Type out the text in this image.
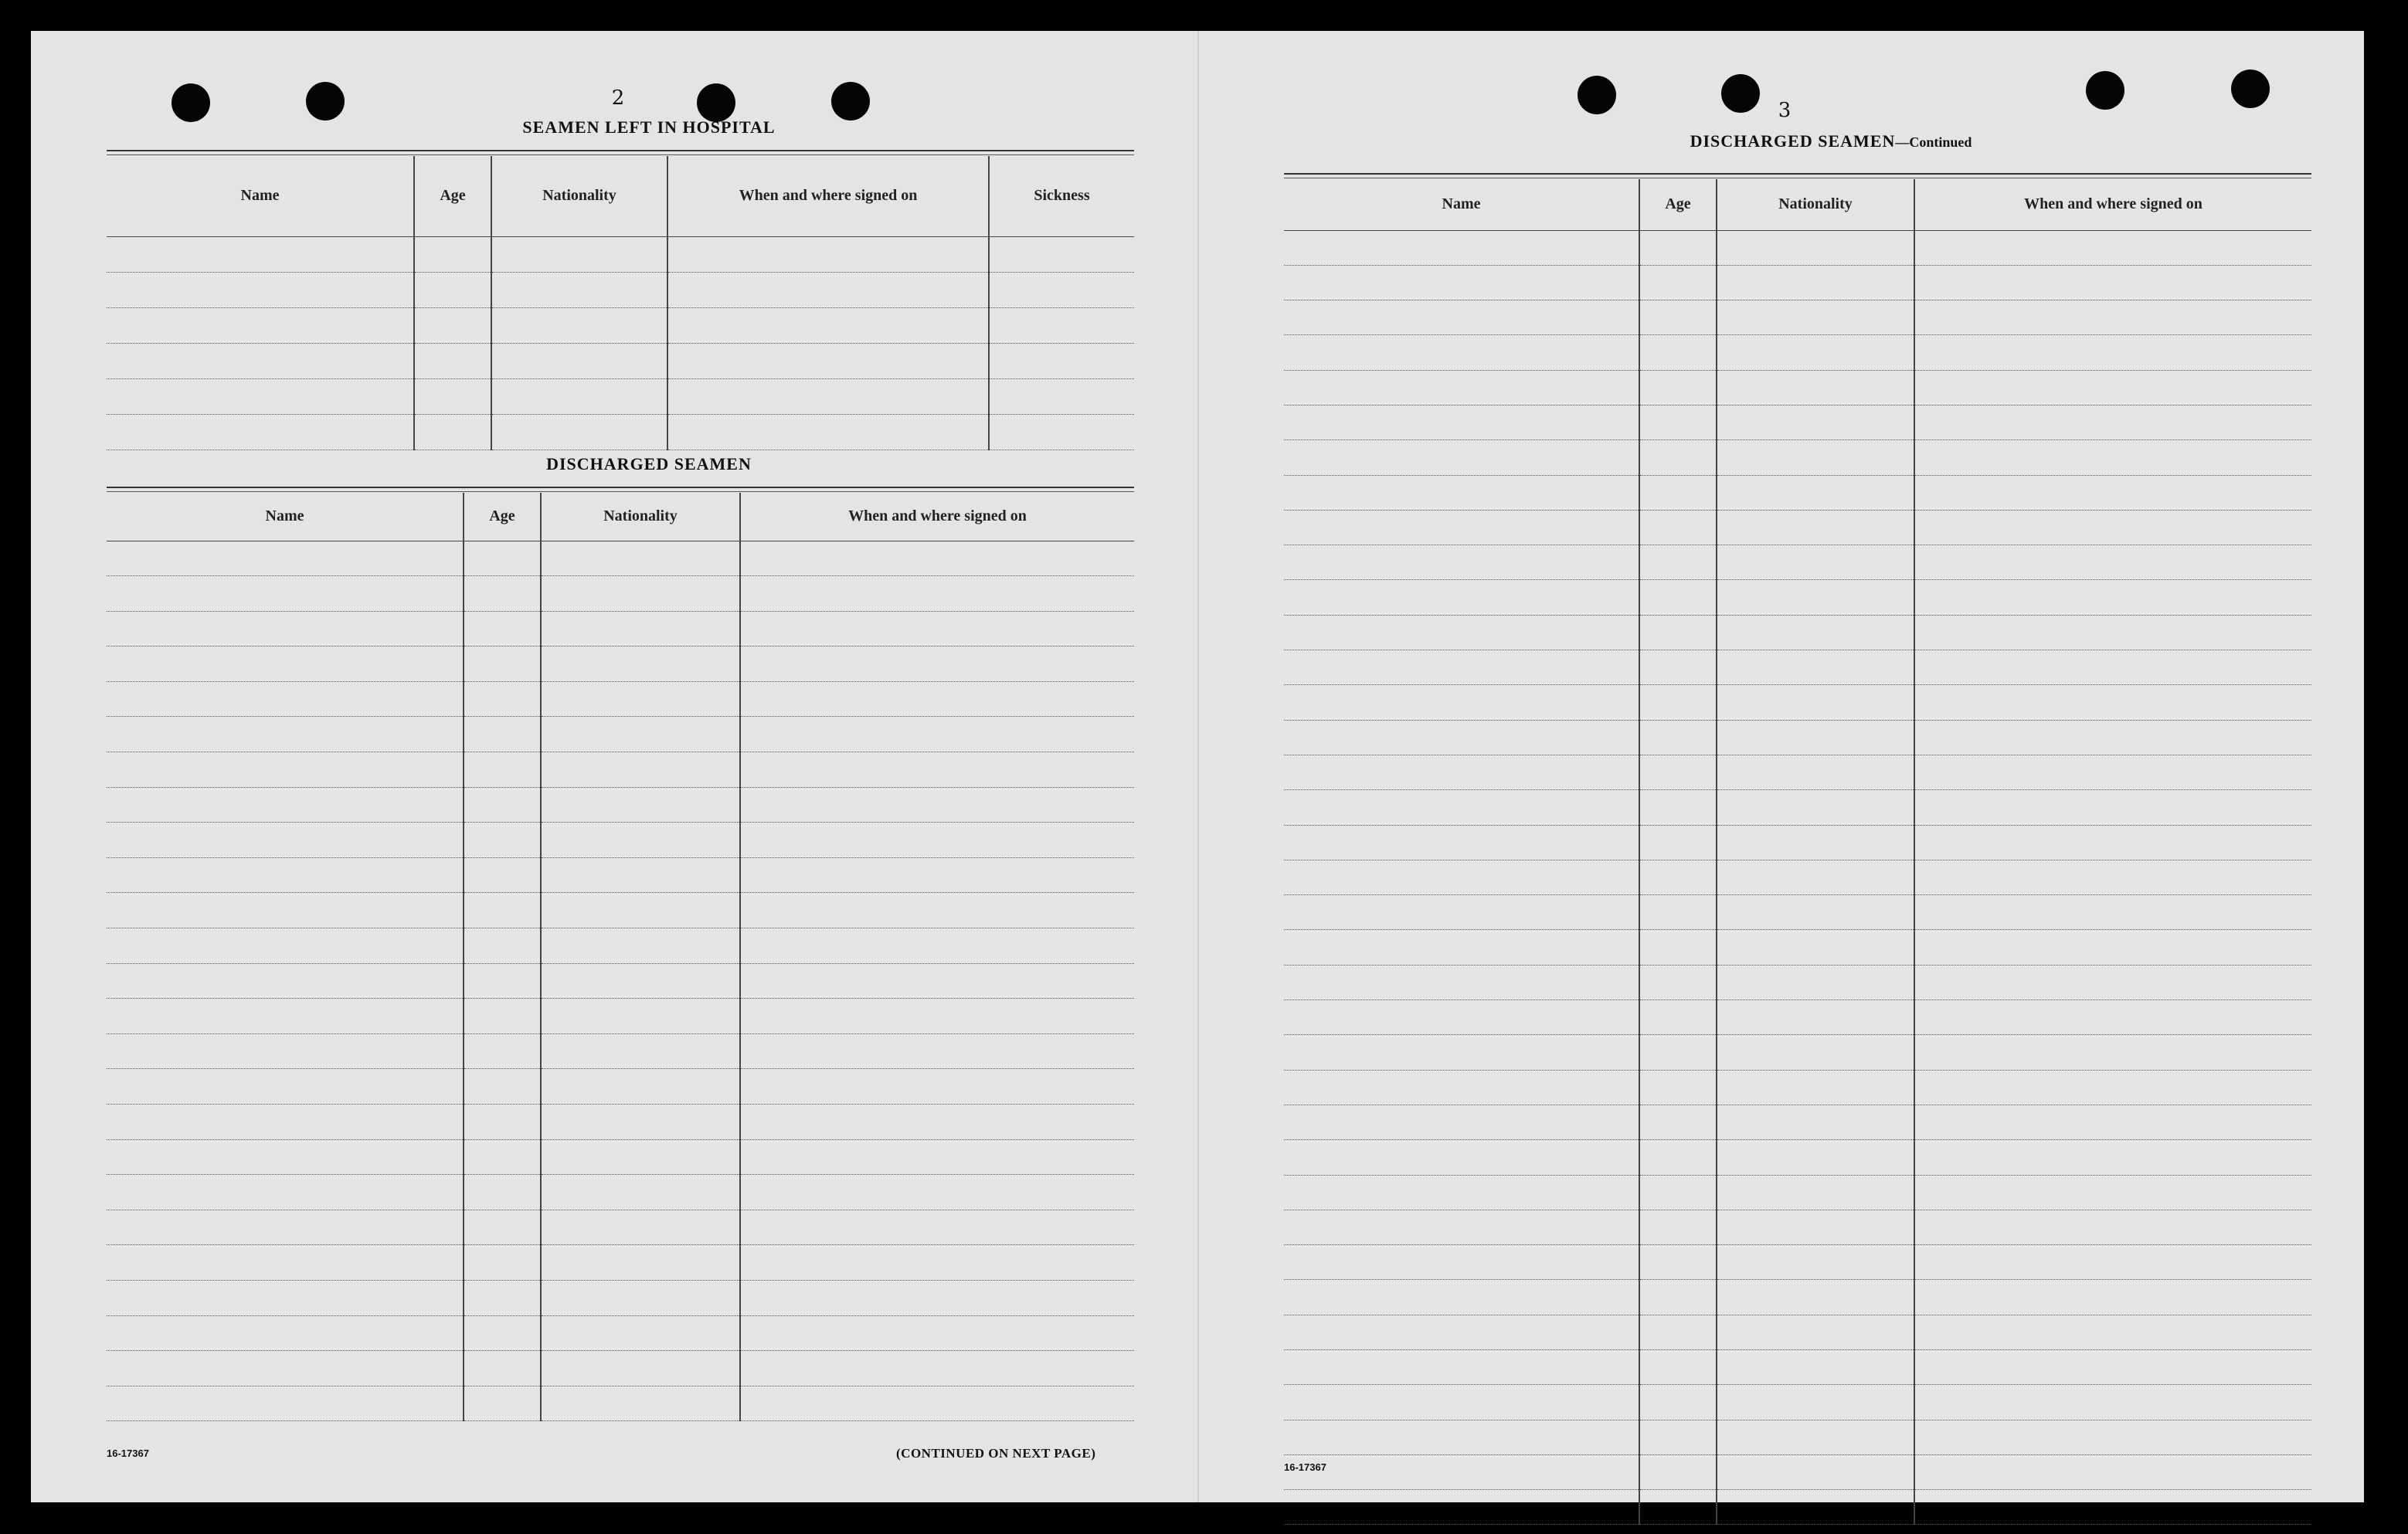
2
SEAMEN LEFT IN HOSPITAL
Name	Age	Nationality	When and where signed on	Sickness

DISCHARGED SEAMEN
Name	Age	Nationality	When and where signed on

16-17367	(CONTINUED ON NEXT PAGE)
3
DISCHARGED SEAMEN—Continued
Name	Age	Nationality	When and where signed on

16-17367
